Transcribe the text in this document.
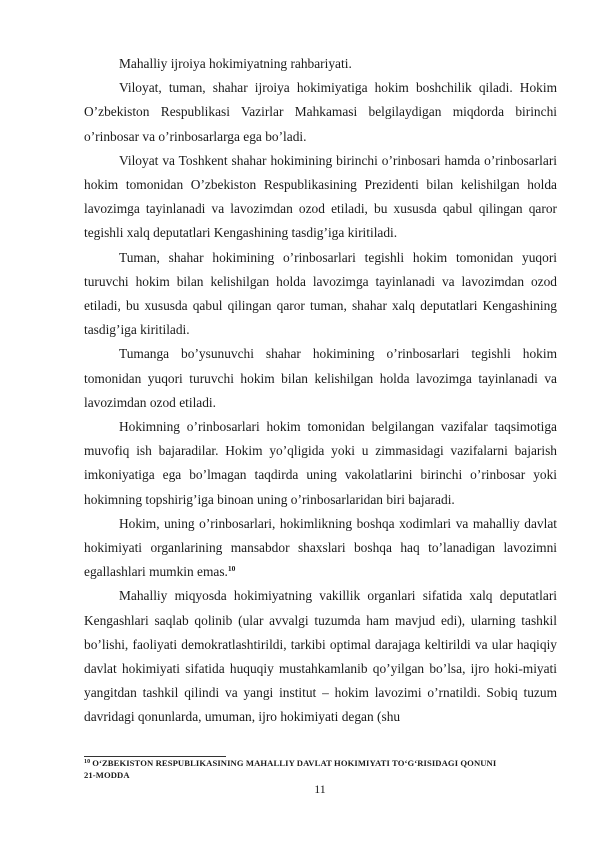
Mahalliy ijroiya hokimiyatning rahbariyati.

Viloyat, tuman, shahar ijroiya hokimiyatiga hokim boshchilik qiladi. Hokim O’zbekiston Respublikasi Vazirlar Mahkamasi belgilaydigan miqdorda birinchi o’rinbosar va o’rinbosarlarga ega bo’ladi.

Viloyat va Toshkent shahar hokimining birinchi o’rinbosari hamda o’rinbosarlari hokim tomonidan O’zbekiston Respublikasining Prezidenti bilan kelishilgan holda lavozimga tayinlanadi va lavozimdan ozod etiladi, bu xususda qabul qilingan qaror tegishli xalq deputatlari Kengashining tasdig’iga kiritiladi.

Tuman, shahar hokimining o’rinbosarlari tegishli hokim tomonidan yuqori turuvchi hokim bilan kelishilgan holda lavozimga tayinlanadi va lavozimdan ozod etiladi, bu xususda qabul qilingan qaror tuman, shahar xalq deputatlari Kengashining tasdig’iga kiritiladi.

Tumanga bo’ysunuvchi shahar hokimining o’rinbosarlari tegishli hokim tomonidan yuqori turuvchi hokim bilan kelishilgan holda lavozimga tayinlanadi va lavozimdan ozod etiladi.

Hokimning o’rinbosarlari hokim tomonidan belgilangan vazifalar taqsimotiga muvofiq ish bajaradilar. Hokim yo’qligida yoki u zimmasidagi vazifalarni bajarish imkoniyatiga ega bo’lmagan taqdirda uning vakolatlarini birinchi o’rinbosar yoki hokimning topshirig’iga binoan uning o’rinbosarlaridan biri bajaradi.

Hokim, uning o’rinbosarlari, hokimlikning boshqa xodimlari va mahalliy davlat hokimiyati organlarining mansabdor shaxslari boshqa haq to’lanadigan lavozimni egallashlari mumkin emas.$^{10}$

Mahalliy miqyosda hokimiyatning vakillik organlari sifatida xalq deputatlari Kengashlari saqlab qolinib (ular avvalgi tuzumda ham mavjud edi), ularning tashkil bo’lishi, faoliyati demokratlashtirildi, tarkibi optimal darajaga keltirildi va ular haqiqiy davlat hokimiyati sifatida huquqiy mustahkamlanib qo’yilgan bo’lsa, ijro hoki-miyati yangitdan tashkil qilindi va yangi institut – hokim lavozimi o’rnatildi. Sobiq tuzum davridagi qonunlarda, umuman, ijro hokimiyati degan (shu

$^{10}$ O‘ZBEKISTON RESPUBLIKASINING MAHALLIY DAVLAT HOKIMIYATI TO‘G‘RISIDAGI QONUNI
21-MODDA
11
